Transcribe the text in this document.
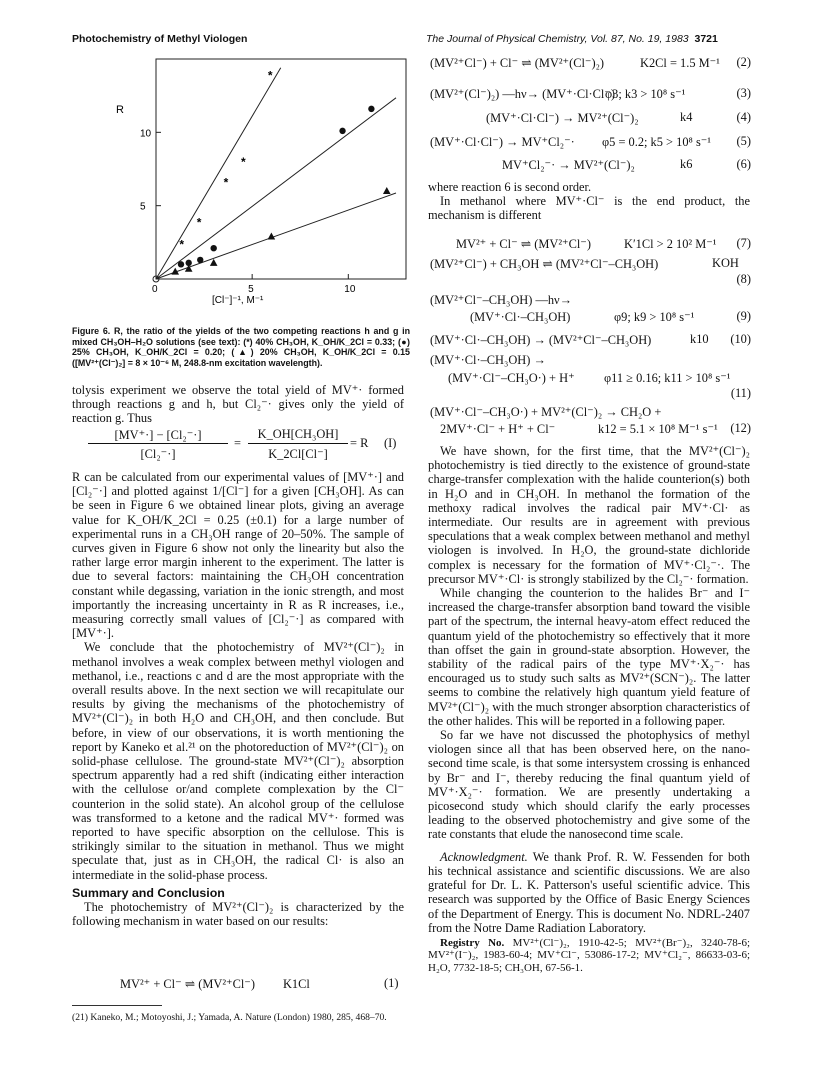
Photochemistry of Methyl Viologen	The Journal of Physical Chemistry, Vol. 87, No. 19, 1983 3721
0	5	10
5
10
*
*
*
*
*
R
[Cl⁻]⁻¹, M⁻¹
Figure 6. R, the ratio of the yields of the two competing reactions h and g in mixed CH₃OH–H₂O solutions (see text): (*) 40% CH₃OH, K_OH/K_2Cl = 0.33; (●) 25% CH₃OH, K_OH/K_2Cl = 0.20; (▲) 20% CH₃OH, K_OH/K_2Cl = 0.15 ([MV²⁺(Cl⁻)₂] = 8 × 10⁻⁶ M, 248.8-nm excitation wavelength).

tolysis experiment we observe the total yield of MV⁺· formed through reactions g and h, but Cl₂⁻· gives only the yield of reaction g. Thus

[MV⁺·] − [Cl₂⁻·]
[Cl₂⁻·]
=
K_OH[CH₃OH]
K_2Cl[Cl⁻]
= R (I)

R can be calculated from our experimental values of [MV⁺·] and [Cl₂⁻·] and plotted against 1/[Cl⁻] for a given [CH₃OH]. As can be seen in Figure 6 we obtained linear plots, giving an average value for K_OH/K_2Cl = 0.25 (±0.1) for a large number of experimental runs in a CH₃OH range of 20–50%. The sample of curves given in Figure 6 show not only the linearity but also the rather large error margin inherent to the experiment. The latter is due to several factors: maintaining the CH₃OH concentration constant while degassing, variation in the ionic strength, and most importantly the increasing uncertainty in R as R increases, i.e., measuring correctly small values of [Cl₂⁻·] as compared with [MV⁺·].

We conclude that the photochemistry of MV²⁺(Cl⁻)₂ in methanol involves a weak complex between methyl viologen and methanol, i.e., reactions c and d are the most appropriate with the overall results above. In the next section we will recapitulate our results by giving the mechanisms of the photochemistry of MV²⁺(Cl⁻)₂ in both H₂O and CH₃OH, and then conclude. But before, in view of our observations, it is worth mentioning the report by Kaneko et al.²¹ on the photoreduction of MV²⁺(Cl⁻)₂ on solid-phase cellulose. The ground-state MV²⁺(Cl⁻)₂ absorption spectrum apparently had a red shift (indicating either interaction with the cellulose or/and complete complexation by the Cl⁻ counterion in the solid state). An alcohol group of the cellulose was transformed to a ketone and the radical MV⁺· formed was reported to have specific absorption on the cellulose. This is strikingly similar to the situation in methanol. Thus we might speculate that, just as in CH₃OH, the radical Cl· is also an intermediate in the solid-phase process.

Summary and Conclusion

The photochemistry of MV²⁺(Cl⁻)₂ is characterized by the following mechanism in water based on our results:

MV²⁺ + Cl⁻ ⇌ (MV²⁺Cl⁻) K1Cl	(1)
(21) Kaneko, M.; Motoyoshi, J.; Yamada, A. Nature (London) 1980, 285, 468–70.
(MV²⁺Cl⁻) + Cl⁻ ⇌ (MV²⁺(Cl⁻)₂)	K2Cl = 1.5 M⁻¹ (2)
(MV²⁺(Cl⁻)₂) —hν→ (MV⁺·Cl·Cl⁻)
φ3; k3 > 10⁸ s⁻¹	(3)
(MV⁺·Cl·Cl⁻) → MV²⁺(Cl⁻)₂	k4	(4)
(MV⁺·Cl·Cl⁻) → MV⁺Cl₂⁻· φ5 = 0.2; k5 > 10⁸ s⁻¹ (5)
MV⁺Cl₂⁻· → MV²⁺(Cl⁻)₂	k6	(6)

where reaction 6 is second order.

In methanol where MV⁺·Cl⁻ is the end product, the mechanism is different

MV²⁺ + Cl⁻ ⇌ (MV²⁺Cl⁻)	K′1Cl > 2 10² M⁻¹ (7)
(MV²⁺Cl⁻) + CH₃OH ⇌ (MV²⁺Cl⁻–CH₃OH)	KOH
(8)
(MV²⁺Cl⁻–CH₃OH) —hν→
(MV⁺·Cl·–CH₃OH)	φ9; k9 > 10⁸ s⁻¹	(9)
(MV⁺·Cl·–CH₃OH) → (MV²⁺Cl⁻–CH₃OH)	k10 (10)
(MV⁺·Cl·–CH₃OH) →
(MV⁺·Cl⁻–CH₃O·) + H⁺ φ11 ≥ 0.16; k11 > 10⁸ s⁻¹
(11)
(MV⁺·Cl⁻–CH₃O·) + MV²⁺(Cl⁻)₂ → CH₂O +
2MV⁺·Cl⁻ + H⁺ + Cl⁻	k12 = 5.1 × 10⁸ M⁻¹ s⁻¹ (12)

We have shown, for the first time, that the MV²⁺(Cl⁻)₂ photochemistry is tied directly to the existence of ground-state charge-transfer complexation with the halide counterion(s) both in H₂O and in CH₃OH. In methanol the formation of the methoxy radical involves the radical pair MV⁺·Cl· as intermediate. Our results are in agreement with previous speculations that a weak complex between methanol and methyl viologen is involved. In H₂O, the ground-state dichloride complex is necessary for the formation of MV⁺·Cl₂⁻·. The precursor MV⁺·Cl· is strongly stabilized by the Cl₂⁻· formation.

While changing the counterion to the halides Br⁻ and I⁻ increased the charge-transfer absorption band toward the visible part of the spectrum, the internal heavy-atom effect reduced the quantum yield of the photochemistry so effectively that it more than offset the gain in ground-state absorption. However, the stability of the radical pairs of the type MV⁺·X₂⁻· has encouraged us to study such salts as MV²⁺(SCN⁻)₂. The latter seems to combine the relatively high quantum yield feature of MV²⁺(Cl⁻)₂ with the much stronger absorption characteristics of the other halides. This will be reported in a following paper.

So far we have not discussed the photophysics of methyl viologen since all that has been observed here, on the nano-second time scale, is that some intersystem crossing is enhanced by Br⁻ and I⁻, thereby reducing the final quantum yield of MV⁺·X₂⁻· formation. We are presently undertaking a picosecond study which should clarify the early processes leading to the observed photochemistry and give some of the rate constants that elude the nanosecond time scale.

Acknowledgment. We thank Prof. R. W. Fessenden for both his technical assistance and scientific discussions. We are also grateful for Dr. L. K. Patterson's useful scientific advice. This research was supported by the Office of Basic Energy Sciences of the Department of Energy. This is document No. NDRL-2407 from the Notre Dame Radiation Laboratory.

Registry No. MV²⁺(Cl⁻)₂, 1910-42-5; MV²⁺(Br⁻)₂, 3240-78-6; MV²⁺(I⁻)₂, 1983-60-4; MV⁺Cl⁻, 53086-17-2; MV⁺Cl₂⁻, 86633-03-6; H₂O, 7732-18-5; CH₃OH, 67-56-1.
